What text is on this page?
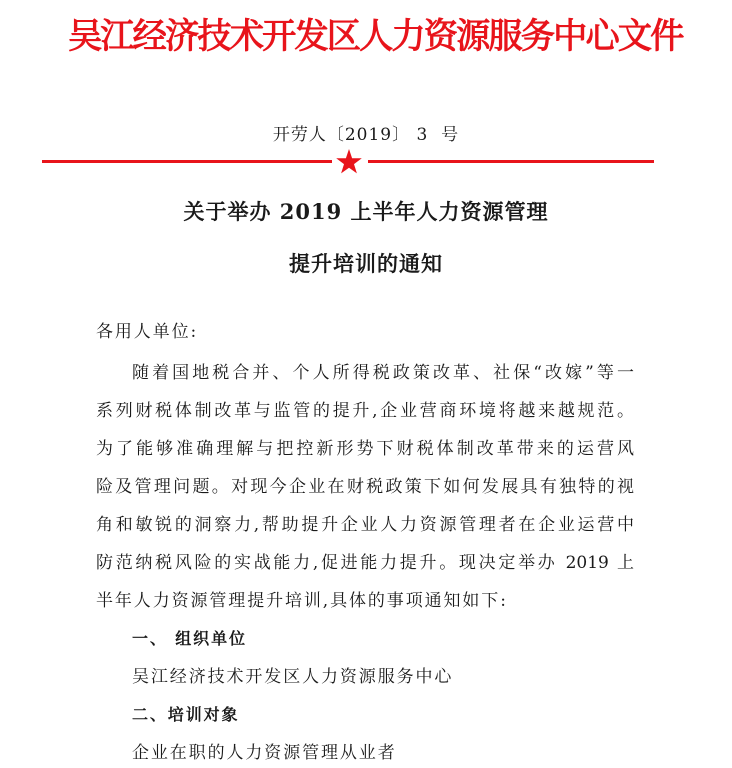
吴江经济技术开发区人力资源服务中心文件
开劳人〔2019〕 3  号
关于举办 2019 上半年人力资源管理
提升培训的通知
各用人单位:
随着国地税合并、个人所得税政策改革、社保“改嫁”等一
系列财税体制改革与监管的提升,企业营商环境将越来越规范。
为了能够准确理解与把控新形势下财税体制改革带来的运营风
险及管理问题。对现今企业在财税政策下如何发展具有独特的视
角和敏锐的洞察力,帮助提升企业人力资源管理者在企业运营中
防范纳税风险的实战能力,促进能力提升。现决定举办 2019 上
半年人力资源管理提升培训,具体的事项通知如下:
一、 组织单位
吴江经济技术开发区人力资源服务中心
二、培训对象
企业在职的人力资源管理从业者
